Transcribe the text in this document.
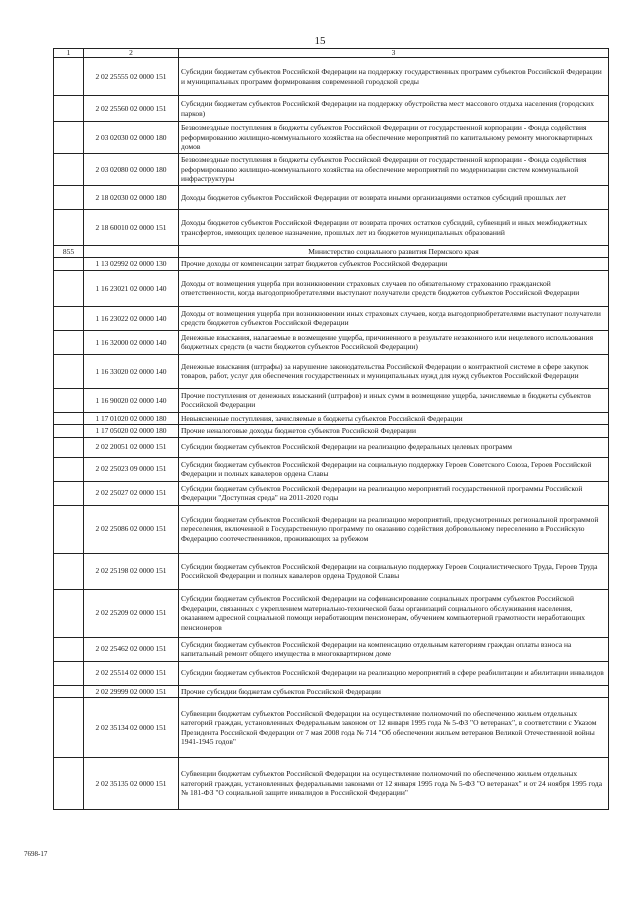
15
1	2	3
	2 02 25555 02 0000 151	Субсидии бюджетам субъектов Российской Федерации на поддержку государственных программ субъектов Российской Федерации и муниципальных программ формирования современной городской среды
	2 02 25560 02 0000 151	Субсидии бюджетам субъектов Российской Федерации на поддержку обустройства мест массового отдыха населения (городских парков)
	2 03 02030 02 0000 180	Безвозмездные поступления в бюджеты субъектов Российской Федерации от государственной корпорации - Фонда содействия реформированию жилищно-коммунального хозяйства на обеспечение мероприятий по капитальному ремонту многоквартирных домов
	2 03 02080 02 0000 180	Безвозмездные поступления в бюджеты субъектов Российской Федерации от государственной корпорации - Фонда содействия реформированию жилищно-коммунального хозяйства на обеспечение мероприятий по модернизации систем коммунальной инфраструктуры
	2 18 02030 02 0000 180	Доходы бюджетов субъектов Российской Федерации от возврата иными организациями остатков субсидий прошлых лет
	2 18 60010 02 0000 151	Доходы бюджетов субъектов Российской Федерации от возврата прочих остатков субсидий, субвенций и иных межбюджетных трансфертов, имеющих целевое назначение, прошлых лет из бюджетов муниципальных образований
855		Министерство социального развития Пермского края
	1 13 02992 02 0000 130	Прочие доходы от компенсации затрат бюджетов субъектов Российской Федерации
	1 16 23021 02 0000 140	Доходы от возмещения ущерба при возникновении страховых случаев по обязательному страхованию гражданской ответственности, когда выгодоприобретателями выступают получатели средств бюджетов субъектов Российской Федерации
	1 16 23022 02 0000 140	Доходы от возмещения ущерба при возникновении иных страховых случаев, когда выгодоприобретателями выступают получатели средств бюджетов субъектов Российской Федерации
	1 16 32000 02 0000 140	Денежные взыскания, налагаемые в возмещение ущерба, причиненного в результате незаконного или нецелевого использования бюджетных средств (в части бюджетов субъектов Российской Федерации)
	1 16 33020 02 0000 140	Денежные взыскания (штрафы) за нарушение законодательства Российской Федерации о контрактной системе в сфере закупок товаров, работ, услуг для обеспечения государственных и муниципальных нужд для нужд субъектов Российской Федерации
	1 16 90020 02 0000 140	Прочие поступления от денежных взысканий (штрафов) и иных сумм в возмещение ущерба, зачисляемые в бюджеты субъектов Российской Федерации
	1 17 01020 02 0000 180	Невыясненные поступления, зачисляемые в бюджеты субъектов Российской Федерации
	1 17 05020 02 0000 180	Прочие неналоговые доходы бюджетов субъектов Российской Федерации
	2 02 20051 02 0000 151	Субсидии бюджетам субъектов Российской Федерации на реализацию федеральных целевых программ
	2 02 25023 09 0000 151	Субсидии бюджетам субъектов Российской Федерации на социальную поддержку Героев Советского Союза, Героев Российской Федерации и полных кавалеров ордена Славы
	2 02 25027 02 0000 151	Субсидии бюджетам субъектов Российской Федерации на реализацию мероприятий государственной программы Российской Федерации "Доступная среда" на 2011-2020 годы
	2 02 25086 02 0000 151	Субсидии бюджетам субъектов Российской Федерации на реализацию мероприятий, предусмотренных региональной программой переселения, включенной в Государственную программу по оказанию содействия добровольному переселению в Российскую Федерацию соотечественников, проживающих за рубежом
	2 02 25198 02 0000 151	Субсидии бюджетам субъектов Российской Федерации на социальную поддержку Героев Социалистического Труда, Героев Труда Российской Федерации и полных кавалеров ордена Трудовой Славы
	2 02 25209 02 0000 151	Субсидии бюджетам субъектов Российской Федерации на софинансирование социальных программ субъектов Российской Федерации, связанных с укреплением материально-технической базы организаций социального обслуживания населения, оказанием адресной социальной помощи неработающим пенсионерам, обучением компьютерной грамотности неработающих пенсионеров
	2 02 25462 02 0000 151	Субсидии бюджетам субъектов Российской Федерации на компенсацию отдельным категориям граждан оплаты взноса на капитальный ремонт общего имущества в многоквартирном доме
	2 02 25514 02 0000 151	Субсидии бюджетам субъектов Российской Федерации на реализацию мероприятий в сфере реабилитации и абилитации инвалидов
	2 02 29999 02 0000 151	Прочие субсидии бюджетам субъектов Российской Федерации
	2 02 35134 02 0000 151	Субвенции бюджетам субъектов Российской Федерации на осуществление полномочий по обеспечению жильем отдельных категорий граждан, установленных Федеральным законом от 12 января 1995 года № 5-ФЗ "О ветеранах", в соответствии с Указом Президента Российской Федерации от 7 мая 2008 года № 714 "Об обеспечении жильем ветеранов Великой Отечественной войны 1941-1945 годов"
	2 02 35135 02 0000 151	Субвенции бюджетам субъектов Российской Федерации на осуществление полномочий по обеспечению жильем отдельных категорий граждан, установленных федеральными законами от 12 января 1995 года № 5-ФЗ "О ветеранах" и от 24 ноября 1995 года № 181-ФЗ "О социальной защите инвалидов в Российской Федерации"
7698-17
